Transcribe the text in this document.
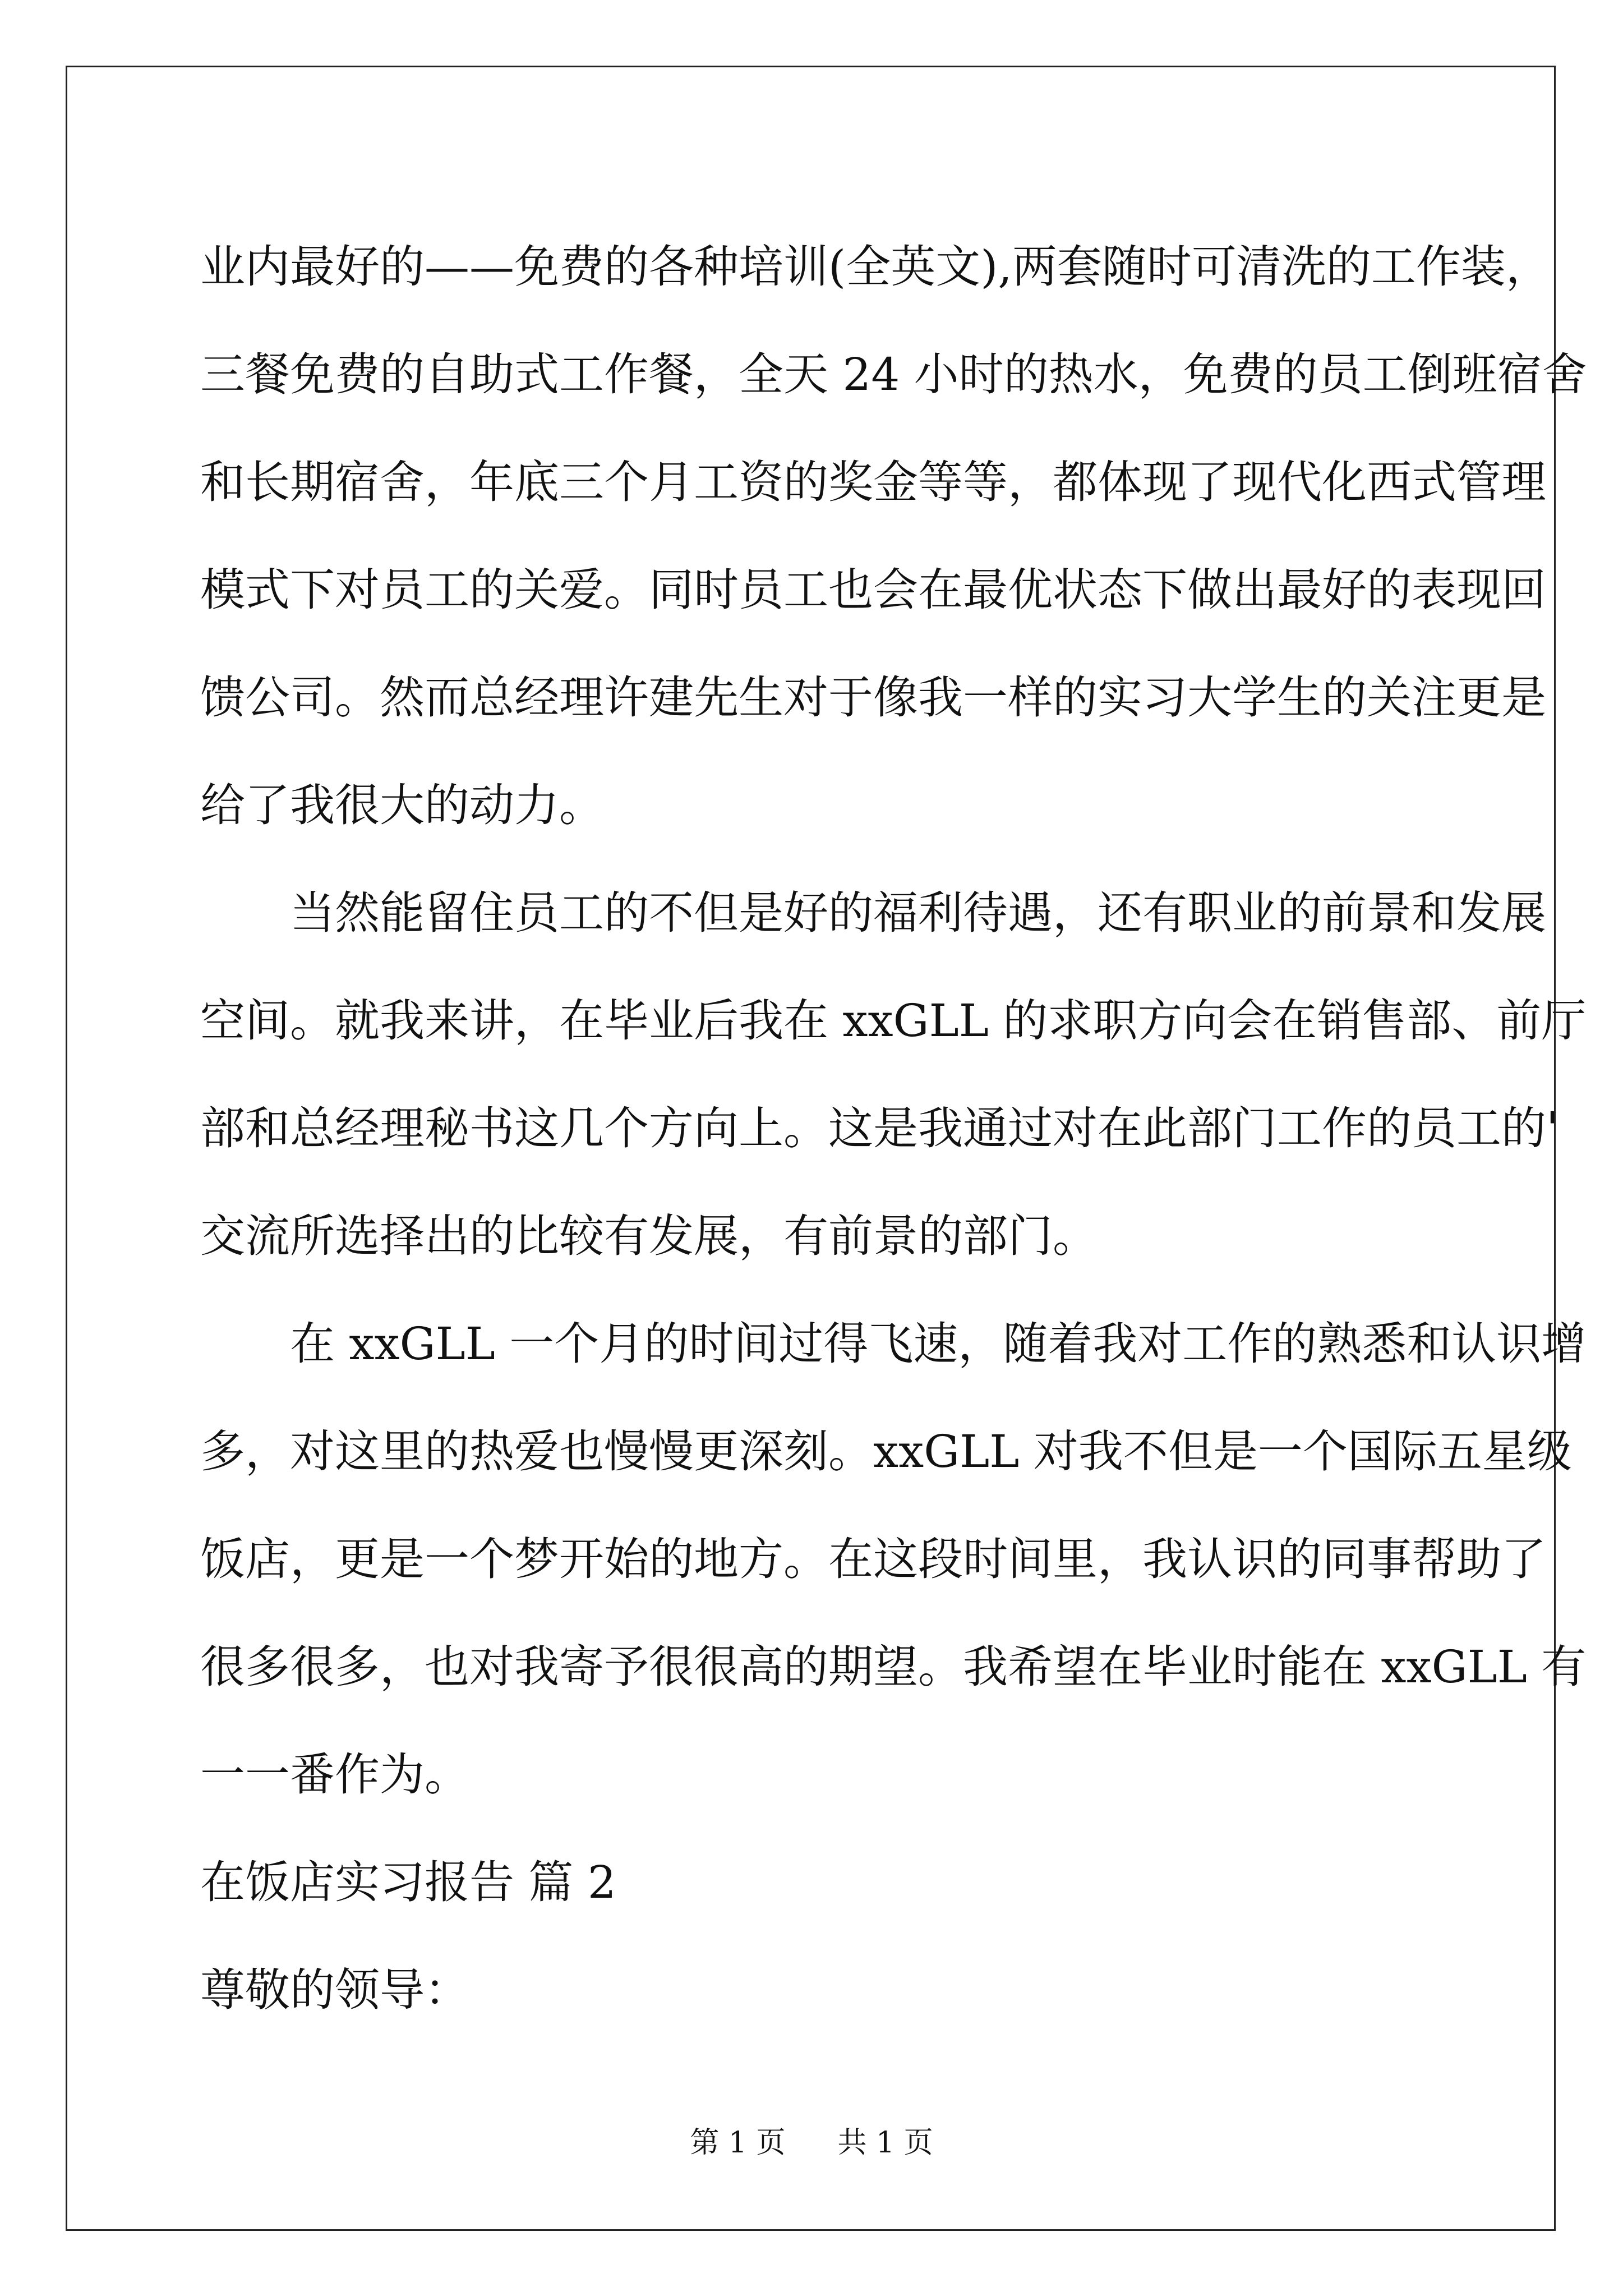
业内最好的——免费的各种培训(全英文),两套随时可清洗的工作装，
三餐免费的自助式工作餐，全天 24 小时的热水，免费的员工倒班宿舍
和长期宿舍，年底三个月工资的奖金等等，都体现了现代化西式管理
模式下对员工的关爱。同时员工也会在最优状态下做出最好的表现回
馈公司。然而总经理许建先生对于像我一样的实习大学生的关注更是
给了我很大的动力。
　　当然能留住员工的不但是好的福利待遇，还有职业的前景和发展
空间。就我来讲，在毕业后我在 xxGLL 的求职方向会在销售部、前厅
部和总经理秘书这几个方向上。这是我通过对在此部门工作的员工的'
交流所选择出的比较有发展，有前景的部门。
　　在 xxGLL 一个月的时间过得飞速，随着我对工作的熟悉和认识增
多，对这里的热爱也慢慢更深刻。xxGLL 对我不但是一个国际五星级
饭店，更是一个梦开始的地方。在这段时间里，我认识的同事帮助了
很多很多，也对我寄予很很高的期望。我希望在毕业时能在 xxGLL 有
一一番作为。
在饭店实习报告 篇 2
尊敬的领导：
第 1 页 共 1 页
